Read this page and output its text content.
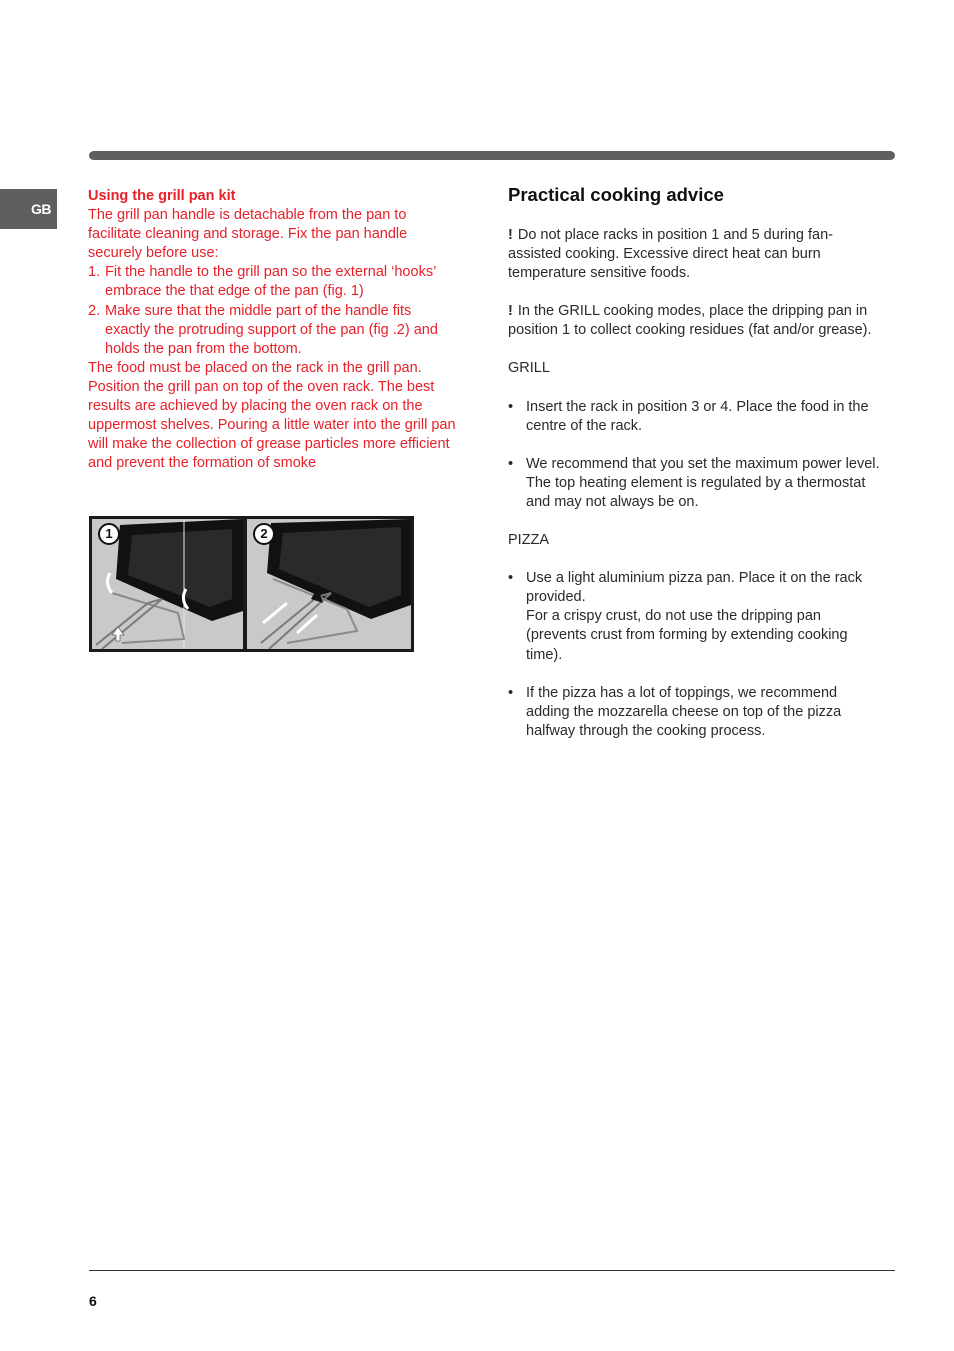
GB

Using the grill pan kit

The grill pan handle is detachable from the pan to facilitate cleaning and storage. Fix the pan handle securely before use:

1. Fit the handle to the grill pan so the external ‘hooks’ embrace the that edge of the pan (fig. 1)
2. Make sure that the middle part of the handle fits exactly the protruding support of the pan (fig .2) and holds the pan from the bottom.

The food must be placed on the rack in the grill pan.

Position the grill pan on top of the oven rack. The best results are achieved by placing the oven rack on the uppermost shelves. Pouring a little water into the grill pan will make the collection of grease particles more efficient and prevent the formation of smoke

1	2
Practical cooking advice

! Do not place racks in position 1 and 5 during fan-assisted cooking. Excessive direct heat can burn temperature sensitive foods.

! In the GRILL cooking modes, place the dripping pan in position 1 to collect cooking residues (fat and/or grease).

GRILL

• Insert the rack in position 3 or 4. Place the food in the centre of the rack.
• We recommend that you set the maximum power level. The top heating element is regulated by a thermostat and may not always be on.

PIZZA

• Use a light aluminium pizza pan. Place it on the rack provided.
For a crispy crust, do not use the dripping pan (prevents crust from forming by extending cooking time).
• If the pizza has a lot of toppings, we recommend adding the mozzarella cheese on top of the pizza halfway through the cooking process.
6
